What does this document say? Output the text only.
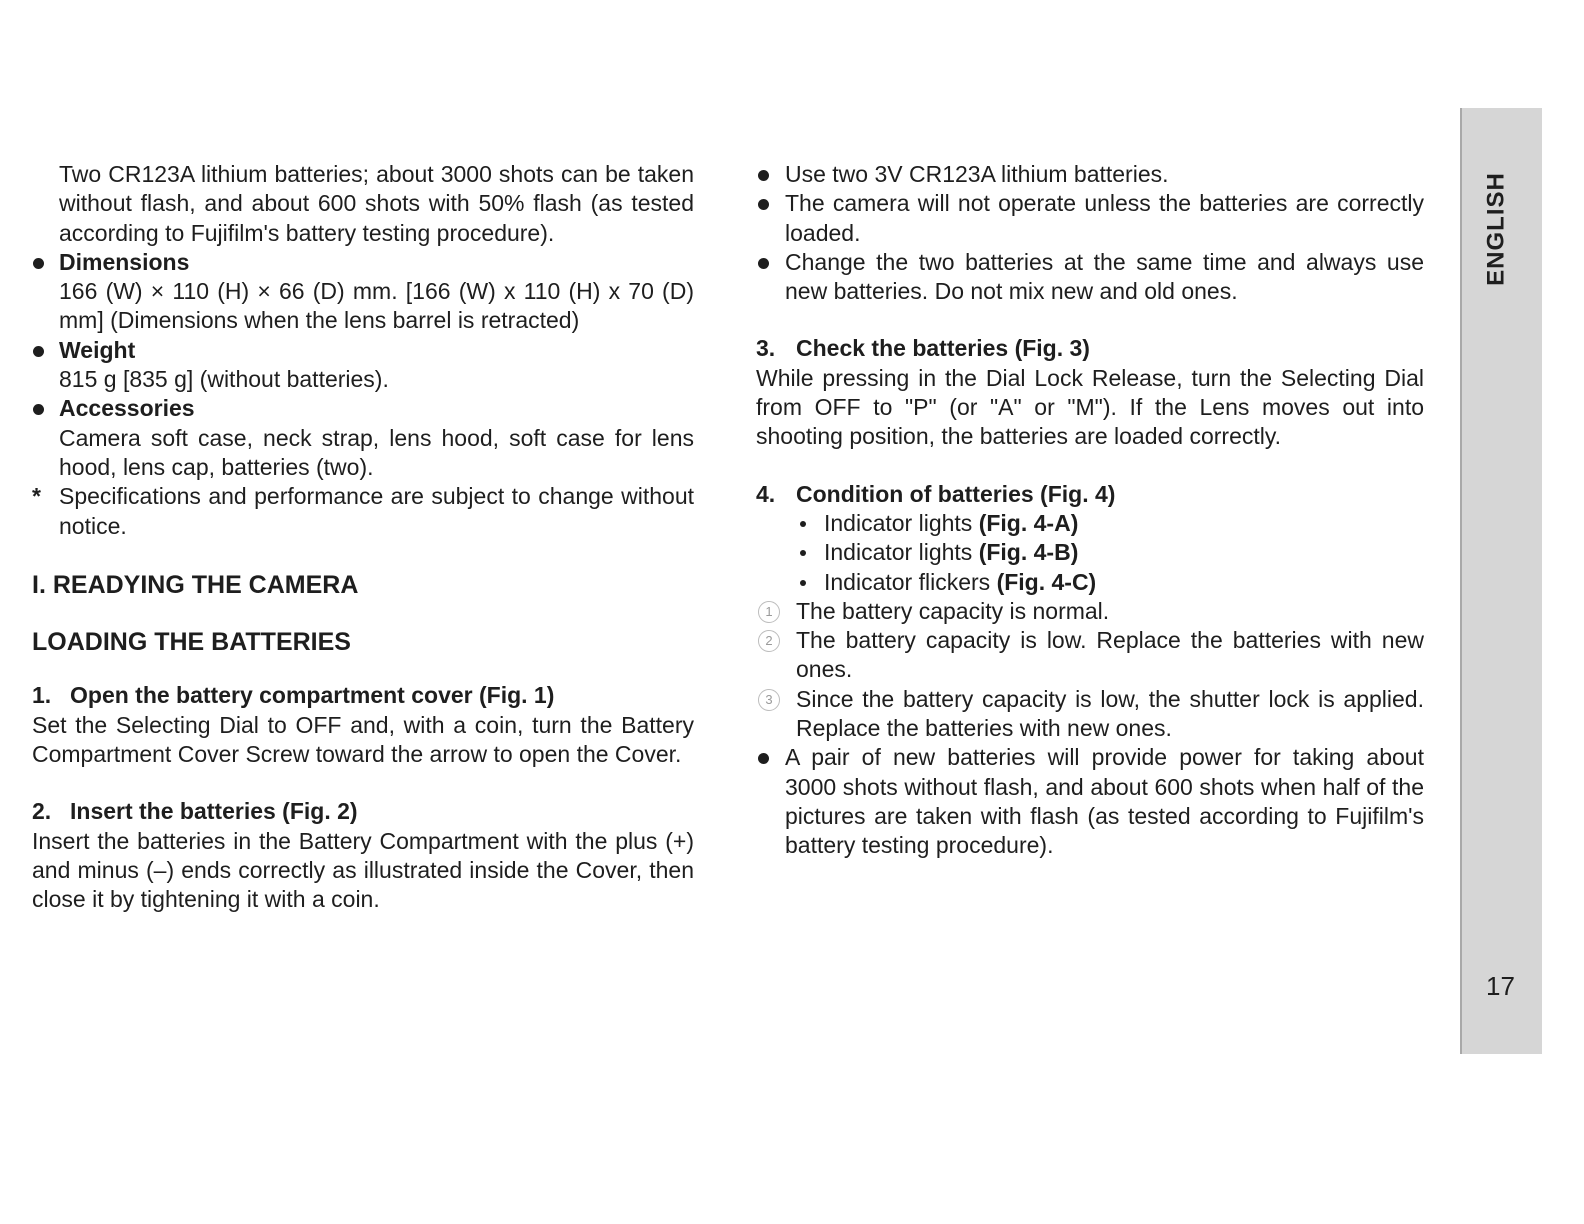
Two CR123A lithium batteries; about 3000 shots can be taken without flash, and about 600 shots with 50% flash (as tested according to Fujifilm's battery testing procedure).

Dimensions
166 (W) × 110 (H) × 66 (D) mm. [166 (W) x 110 (H) x 70 (D) mm] (Dimensions when the lens barrel is retracted)
Weight
815 g [835 g] (without batteries).
Accessories
Camera soft case, neck strap, lens hood, soft case for lens hood, lens cap, batteries (two).
* Specifications and performance are subject to change without notice.

I. READYING THE CAMERA

LOADING THE BATTERIES

1. Open the battery compartment cover (Fig. 1)

Set the Selecting Dial to OFF and, with a coin, turn the Battery Compartment Cover Screw toward the arrow to open the Cover.

2. Insert the batteries (Fig. 2)

Insert the batteries in the Battery Compartment with the plus (+) and minus (–) ends correctly as illustrated inside the Cover, then close it by tightening it with a coin.

Use two 3V CR123A lithium batteries.
The camera will not operate unless the batteries are correctly loaded.
Change the two batteries at the same time and always use new batteries. Do not mix new and old ones.

3. Check the batteries (Fig. 3)

While pressing in the Dial Lock Release, turn the Selecting Dial from OFF to "P" (or "A" or "M"). If the Lens moves out into shooting position, the batteries are loaded correctly.

4. Condition of batteries (Fig. 4)

Indicator lights (Fig. 4-A)
Indicator lights (Fig. 4-B)
Indicator flickers (Fig. 4-C)
1	The battery capacity is normal.
2	The battery capacity is low. Replace the batteries with new ones.
3	Since the battery capacity is low, the shutter lock is applied. Replace the batteries with new ones.
A pair of new batteries will provide power for taking about 3000 shots without flash, and about 600 shots when half of the pictures are taken with flash (as tested according to Fujifilm's battery testing procedure).
ENGLISH
17
